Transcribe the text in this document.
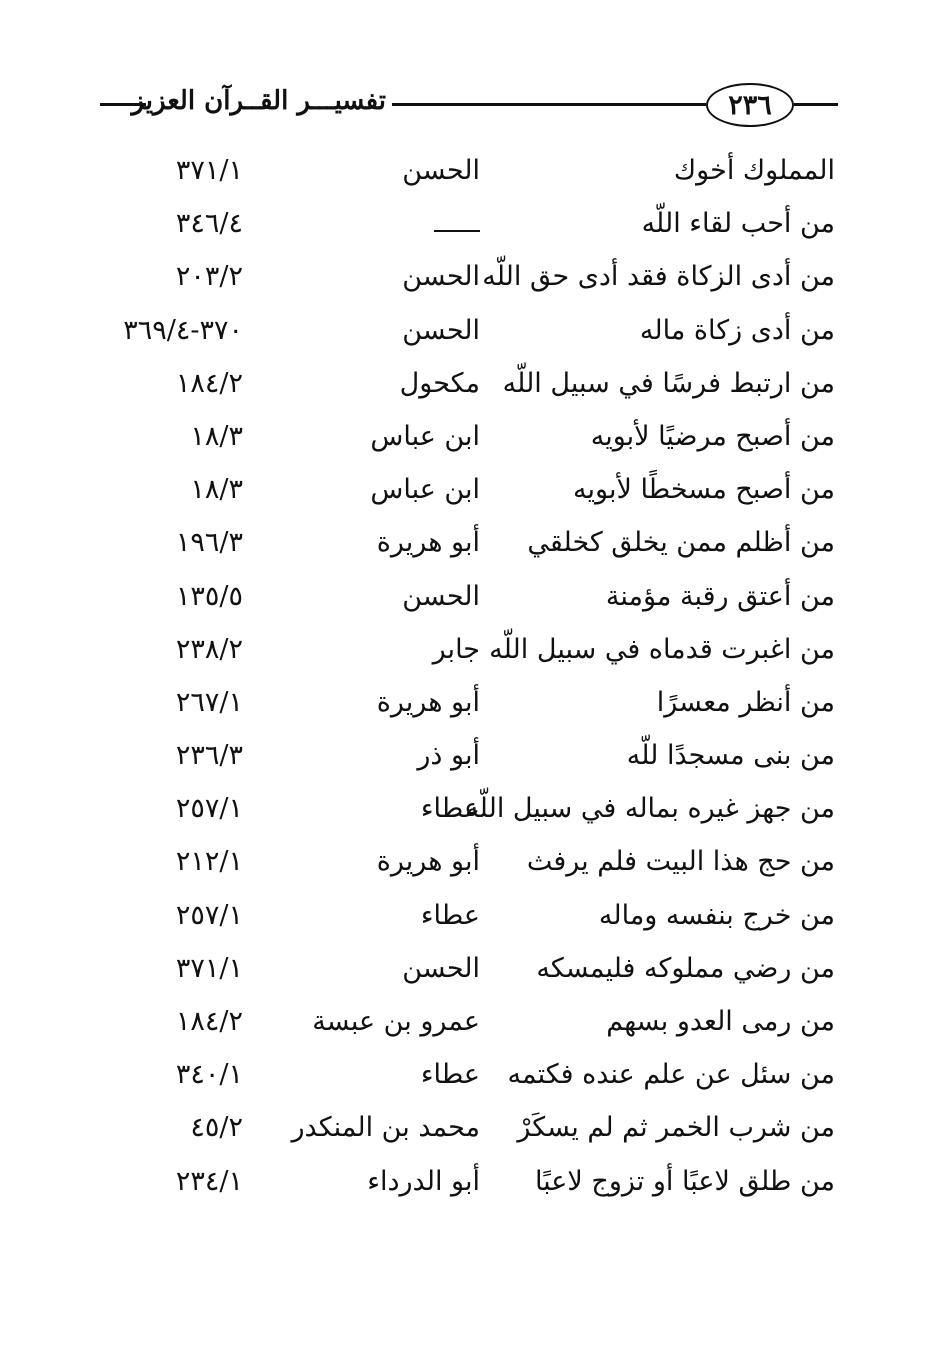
٢٣٦
تفسيـــر القــرآن العزيز
المملوك أخوك
الحسن
٣٧١/١
من أحب لقاء اللّه
٣٤٦/٤
من أدى الزكاة فقد أدى حق اللّه
الحسن
٢٠٣/٢
من أدى زكاة ماله
الحسن
٣٧٠-٣٦٩/٤
من ارتبط فرسًا في سبيل اللّه
مكحول
١٨٤/٢
من أصبح مرضيًا لأبويه
ابن عباس
١٨/٣
من أصبح مسخطًا لأبويه
ابن عباس
١٨/٣
من أظلم ممن يخلق كخلقي
أبو هريرة
١٩٦/٣
من أعتق رقبة مؤمنة
الحسن
١٣٥/٥
من اغبرت قدماه في سبيل اللّه
جابر
٢٣٨/٢
من أنظر معسرًا
أبو هريرة
٢٦٧/١
من بنى مسجدًا للّه
أبو ذر
٢٣٦/٣
من جهز غيره بماله في سبيل اللّه
عطاء
٢٥٧/١
من حج هذا البيت فلم يرفث
أبو هريرة
٢١٢/١
من خرج بنفسه وماله
عطاء
٢٥٧/١
من رضي مملوكه فليمسكه
الحسن
٣٧١/١
من رمى العدو بسهم
عمرو بن عبسة
١٨٤/٢
من سئل عن علم عنده فكتمه
عطاء
٣٤٠/١
من شرب الخمر ثم لم يسكَرْ
محمد بن المنكدر
٤٥/٢
من طلق لاعبًا أو تزوج لاعبًا
أبو الدرداء
٢٣٤/١
